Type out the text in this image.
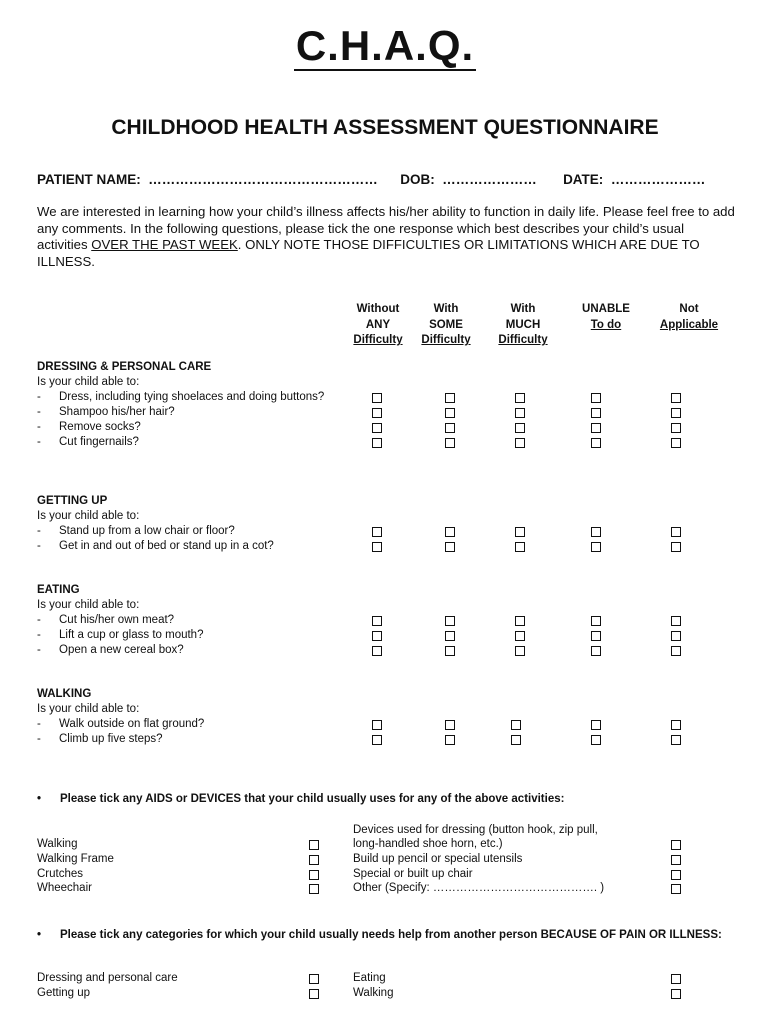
C.H.A.Q.
CHILDHOOD HEALTH ASSESSMENT QUESTIONNAIRE
PATIENT NAME: …………………………………………… DOB: ………………… DATE: …………………
We are interested in learning how your child’s illness affects his/her ability to function in daily life. Please feel free to add any comments. In the following questions, please tick the one response which best describes your child’s usual activities OVER THE PAST WEEK. ONLY NOTE THOSE DIFFICULTIES OR LIMITATIONS WHICH ARE DUE TO ILLNESS.
Without
ANY
Difficulty
With
SOME
Difficulty
With
MUCH
Difficulty
UNABLE
To do
Not
Applicable
DRESSING & PERSONAL CARE
Is your child able to:
- Dress, including tying shoelaces and doing buttons?
- Shampoo his/her hair?
- Remove socks?
- Cut fingernails?
GETTING UP
Is your child able to:
- Stand up from a low chair or floor?
- Get in and out of bed or stand up in a cot?
EATING
Is your child able to:
- Cut his/her own meat?
- Lift a cup or glass to mouth?
- Open a new cereal box?
WALKING
Is your child able to:
- Walk outside on flat ground?
- Climb up five steps?
• Please tick any AIDS or DEVICES that your child usually uses for any of the above activities:
Devices used for dressing (button hook, zip pull,
long-handled shoe horn, etc.)
Build up pencil or special utensils
Special or built up chair
Other (Specify: ……………………………………. )
Walking
Walking Frame
Crutches
Wheechair
•	Please tick any categories for which your child usually needs help from another person BECAUSE OF PAIN OR ILLNESS:
Dressing and personal care
Getting up
Eating
Walking
